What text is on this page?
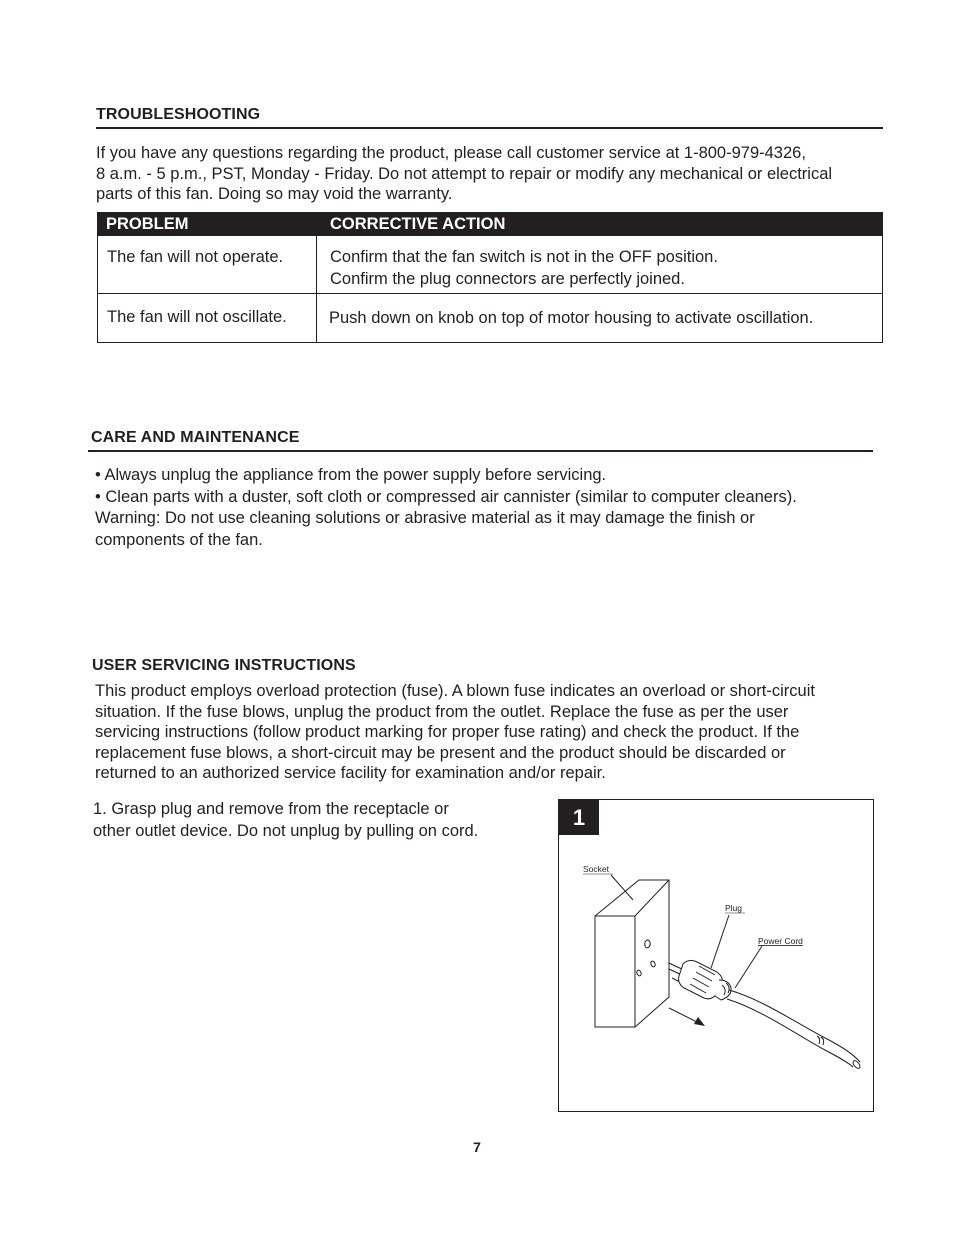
TROUBLESHOOTING
If you have any questions regarding the product, please call customer service at 1-800-979-4326,
8 a.m. - 5 p.m., PST, Monday - Friday. Do not attempt to repair or modify any mechanical or electrical
parts of this fan. Doing so may void the warranty.
PROBLEM	CORRECTIVE ACTION
The fan will not operate.	Confirm that the fan switch is not in the OFF position.
Confirm the plug connectors are perfectly joined.
The fan will not oscillate.	Push down on knob on top of motor housing to activate oscillation.
CARE AND MAINTENANCE
• Always unplug the appliance from the power supply before servicing.
• Clean parts with a duster, soft cloth or compressed air cannister (similar to computer cleaners).
Warning: Do not use cleaning solutions or abrasive material as it may damage the finish or
components of the fan.
USER SERVICING INSTRUCTIONS
This product employs overload protection (fuse). A blown fuse indicates an overload or short-circuit
situation. If the fuse blows, unplug the product from the outlet. Replace the fuse as per the user
servicing instructions (follow product marking for proper fuse rating) and check the product. If the
replacement fuse blows, a short-circuit may be present and the product should be discarded or
returned to an authorized service facility for examination and/or repair.
1. Grasp plug and remove from the receptacle or
other outlet device. Do not unplug by pulling on cord.
1
Socket
Plug
Power Cord
7
